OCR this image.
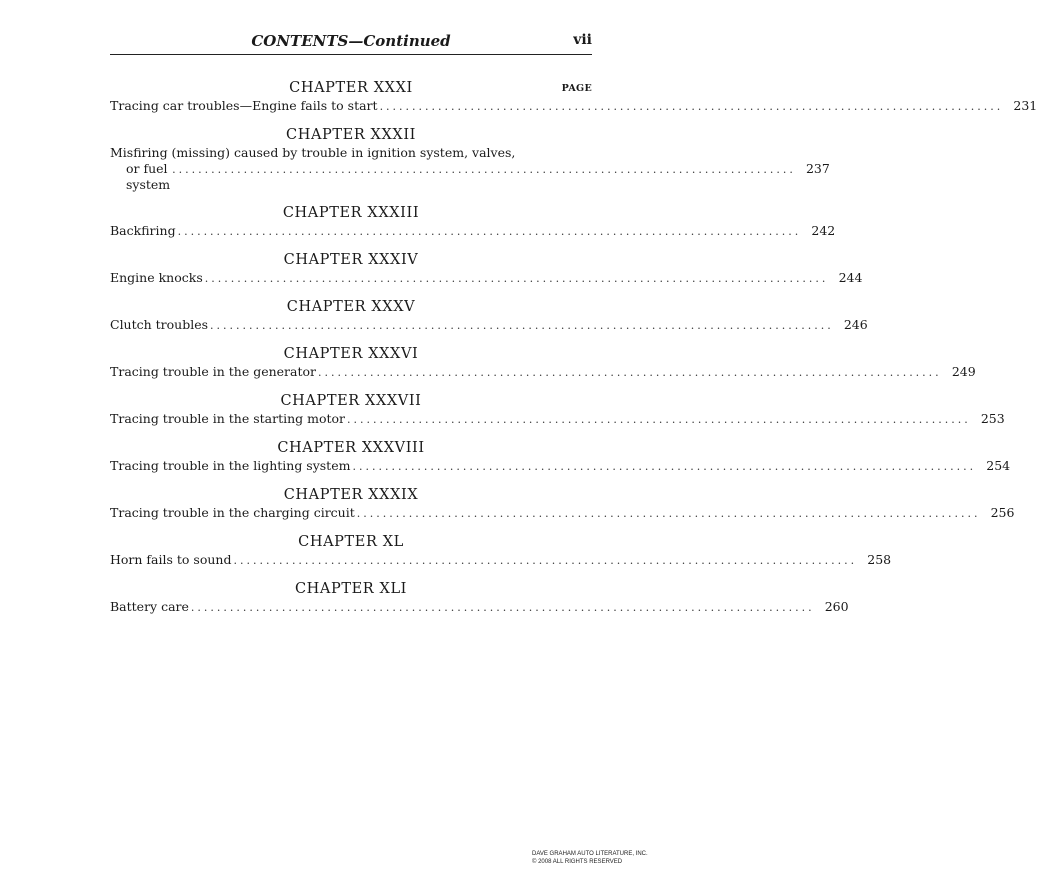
CONTENTS—Continued	vii
PAGE
CHAPTER XXXI
Tracing car troubles—Engine fails to start ................................................................................................ 231
CHAPTER XXXII
Misfiring (missing) caused by trouble in ignition system, valves,
or fuel system
................................................................................................ 237
CHAPTER XXXIII
Backfiring ................................................................................................ 242
CHAPTER XXXIV
Engine knocks ................................................................................................ 244
CHAPTER XXXV
Clutch troubles ................................................................................................ 246
CHAPTER XXXVI
Tracing trouble in the generator ................................................................................................ 249
CHAPTER XXXVII
Tracing trouble in the starting motor ................................................................................................ 253
CHAPTER XXXVIII
Tracing trouble in the lighting system ................................................................................................ 254
CHAPTER XXXIX
Tracing trouble in the charging circuit ................................................................................................ 256
CHAPTER XL
Horn fails to sound ................................................................................................ 258
CHAPTER XLI
Battery care ................................................................................................ 260
DAVE GRAHAM AUTO LITERATURE, INC.
© 2008 ALL RIGHTS RESERVED
